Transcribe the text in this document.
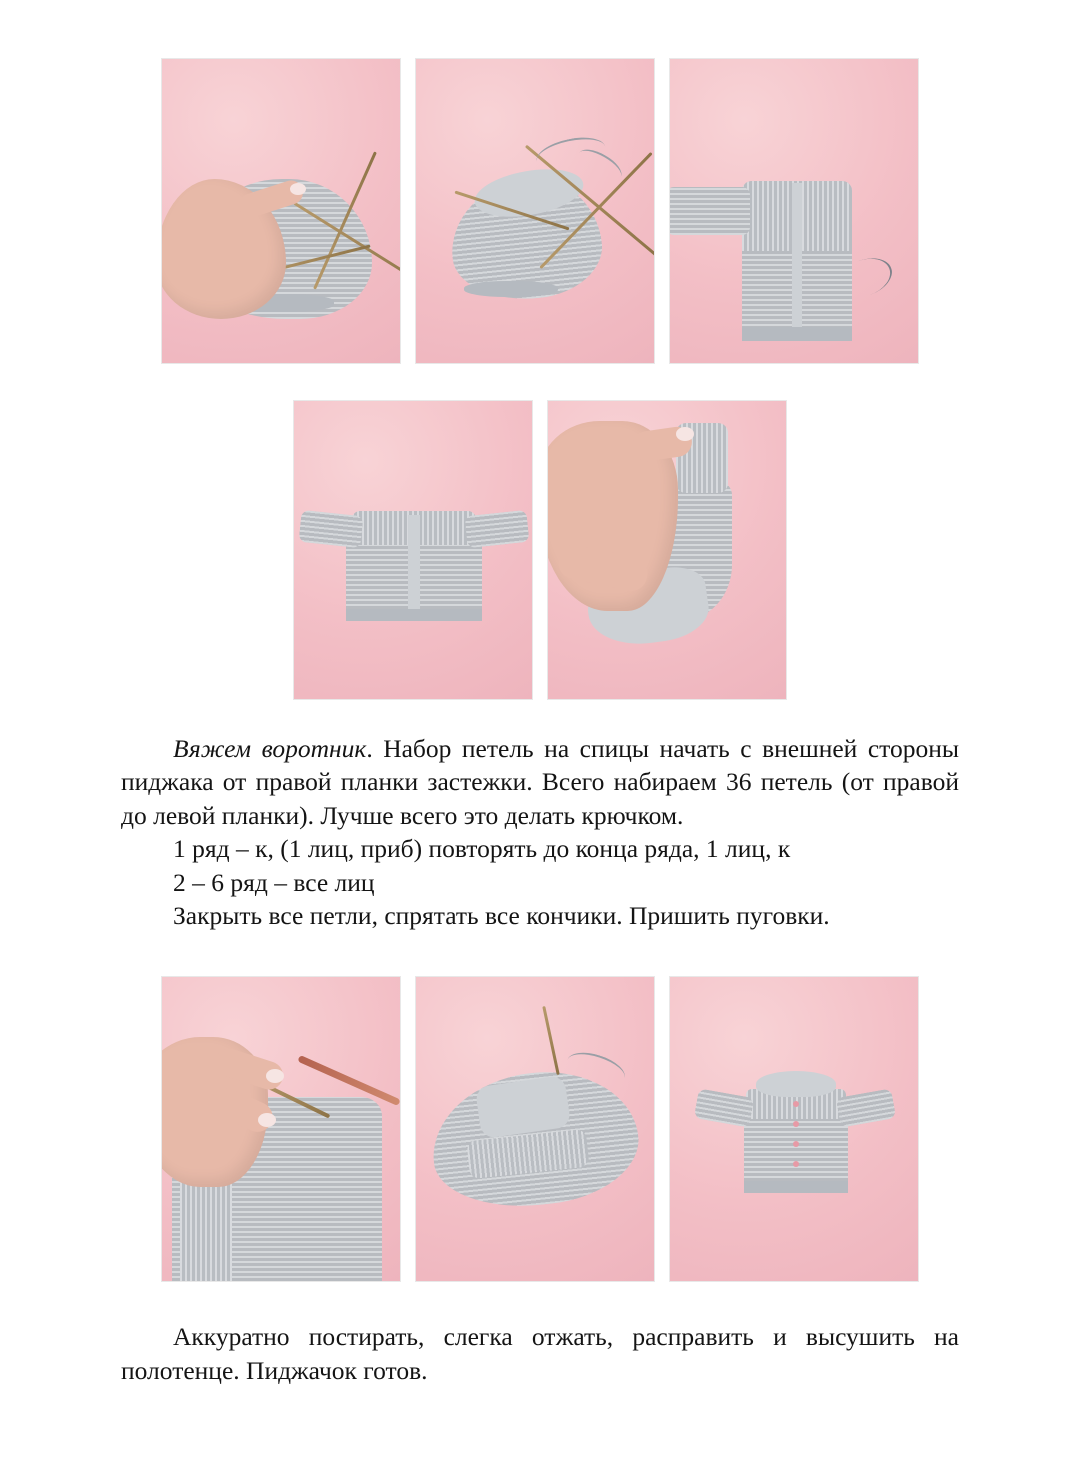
Вяжем воротник. Набор петель на спицы начать с внешней стороны пиджака от правой планки застежки. Всего набираем 36 петель (от правой до левой планки). Лучше всего это делать крючком.

1 ряд – к, (1 лиц, приб) повторять до конца ряда, 1 лиц, к

2 – 6 ряд – все лиц

Закрыть все петли, спрятать все кончики. Пришить пуговки.

Аккуратно постирать, слегка отжать, расправить и высушить на полотенце. Пиджачок готов.
